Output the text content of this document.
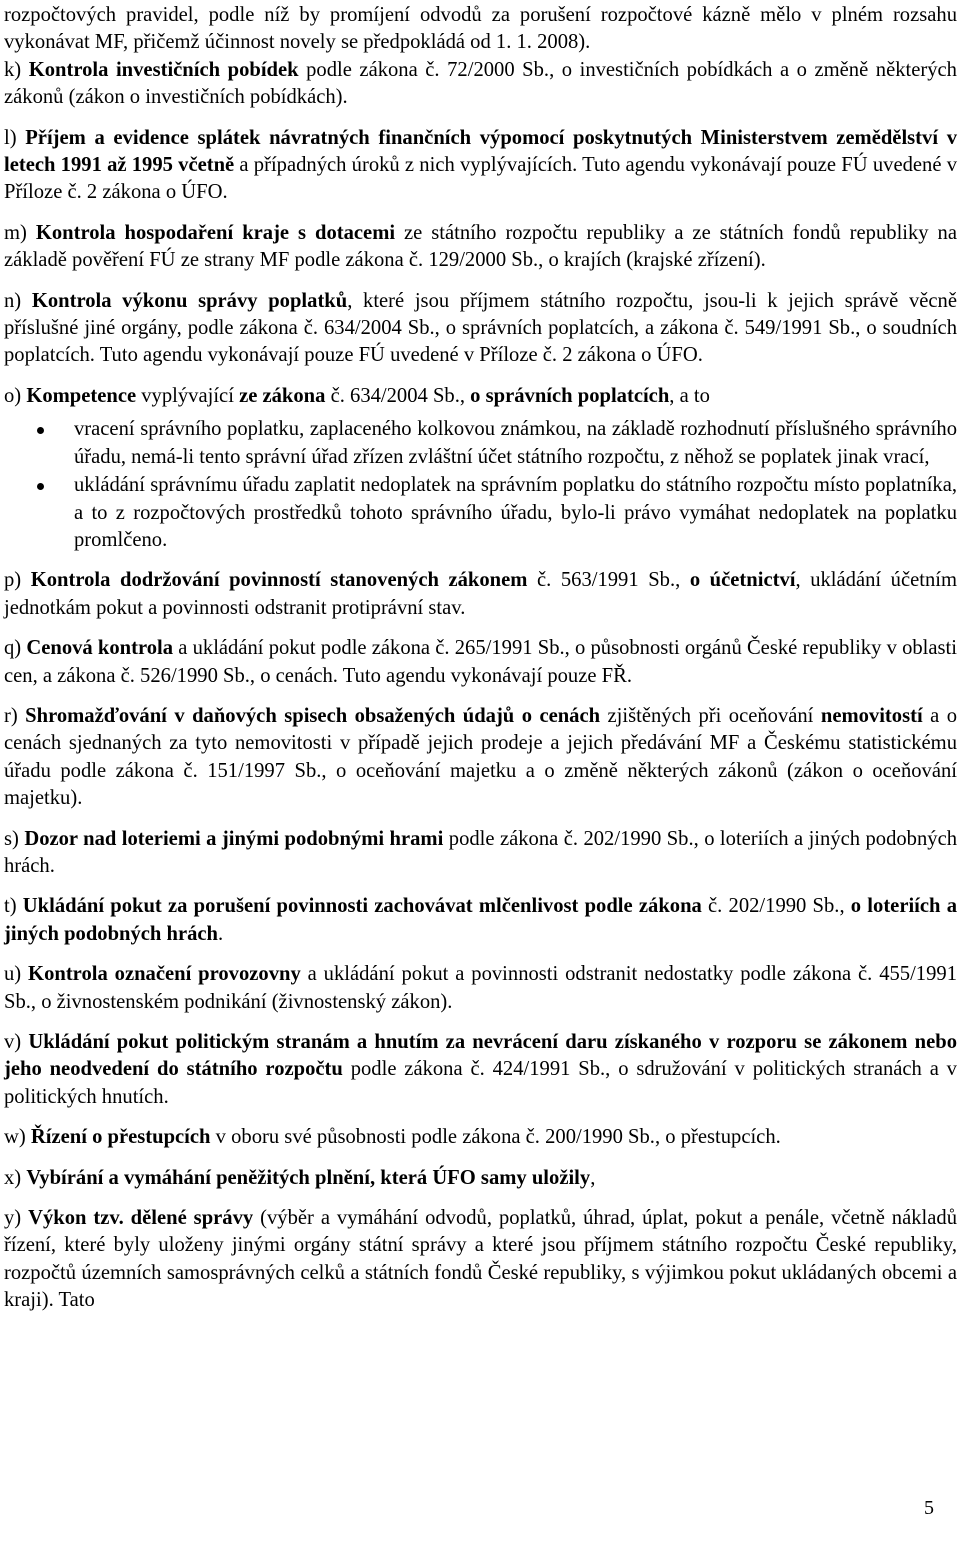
rozpočtových pravidel, podle níž by promíjení odvodů za porušení rozpočtové kázně mělo v plném rozsahu vykonávat MF, přičemž účinnost novely se předpokládá od 1. 1. 2008).

k) Kontrola investičních pobídek podle zákona č. 72/2000 Sb., o investičních pobídkách a o změně některých zákonů (zákon o investičních pobídkách).

l) Příjem a evidence splátek návratných finančních výpomocí poskytnutých Ministerstvem zemědělství v letech 1991 až 1995 včetně a případných úroků z nich vyplývajících. Tuto agendu vykonávají pouze FÚ uvedené v Příloze č. 2 zákona o ÚFO.

m) Kontrola hospodaření kraje s dotacemi ze státního rozpočtu republiky a ze státních fondů republiky na základě pověření FÚ ze strany MF podle zákona č. 129/2000 Sb., o krajích (krajské zřízení).

n) Kontrola výkonu správy poplatků, které jsou příjmem státního rozpočtu, jsou-li k jejich správě věcně příslušné jiné orgány, podle zákona č. 634/2004 Sb., o správních poplatcích, a zákona č. 549/1991 Sb., o soudních poplatcích. Tuto agendu vykonávají pouze FÚ uvedené v Příloze č. 2 zákona o ÚFO.

o) Kompetence vyplývající ze zákona č. 634/2004 Sb., o správních poplatcích, a to

vracení správního poplatku, zaplaceného kolkovou známkou, na základě rozhodnutí příslušného správního úřadu, nemá-li tento správní úřad zřízen zvláštní účet státního rozpočtu, z něhož se poplatek jinak vrací,
ukládání správnímu úřadu zaplatit nedoplatek na správním poplatku do státního rozpočtu místo poplatníka, a to z rozpočtových prostředků tohoto správního úřadu, bylo-li právo vymáhat nedoplatek na poplatku promlčeno.

p) Kontrola dodržování povinností stanovených zákonem č. 563/1991 Sb., o účetnictví, ukládání účetním jednotkám pokut a povinnosti odstranit protiprávní stav.

q) Cenová kontrola a ukládání pokut podle zákona č. 265/1991 Sb., o působnosti orgánů České republiky v oblasti cen, a zákona č. 526/1990 Sb., o cenách. Tuto agendu vykonávají pouze FŘ.

r) Shromažďování v daňových spisech obsažených údajů o cenách zjištěných při oceňování nemovitostí a o cenách sjednaných za tyto nemovitosti v případě jejich prodeje a jejich předávání MF a Českému statistickému úřadu podle zákona č. 151/1997 Sb., o oceňování majetku a o změně některých zákonů (zákon o oceňování majetku).

s) Dozor nad loteriemi a jinými podobnými hrami podle zákona č. 202/1990 Sb., o loteriích a jiných podobných hrách.

t) Ukládání pokut za porušení povinnosti zachovávat mlčenlivost podle zákona č. 202/1990 Sb., o loteriích a jiných podobných hrách.

u) Kontrola označení provozovny a ukládání pokut a povinnosti odstranit nedostatky podle zákona č. 455/1991 Sb., o živnostenském podnikání (živnostenský zákon).

v) Ukládání pokut politickým stranám a hnutím za nevrácení daru získaného v rozporu se zákonem nebo jeho neodvedení do státního rozpočtu podle zákona č. 424/1991 Sb., o sdružování v politických stranách a v politických hnutích.

w) Řízení o přestupcích v oboru své působnosti podle zákona č. 200/1990 Sb., o přestupcích.

x) Vybírání a vymáhání peněžitých plnění, která ÚFO samy uložily,

y) Výkon tzv. dělené správy (výběr a vymáhání odvodů, poplatků, úhrad, úplat, pokut a penále, včetně nákladů řízení, které byly uloženy jinými orgány státní správy a které jsou příjmem státního rozpočtu České republiky, rozpočtů územních samosprávných celků a státních fondů České republiky, s výjimkou pokut ukládaných obcemi a kraji). Tato

5
